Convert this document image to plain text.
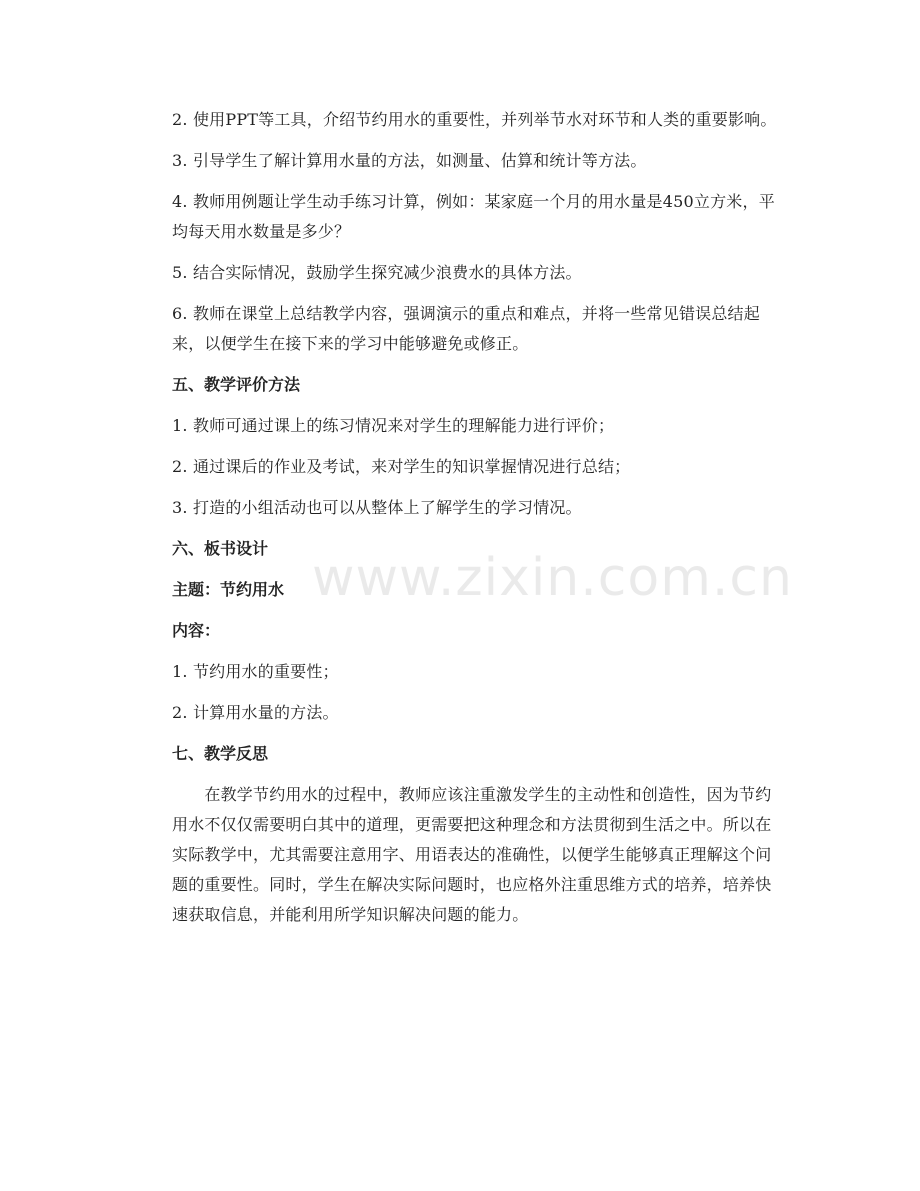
2. 使用PPT等工具，介绍节约用水的重要性，并列举节水对环节和人类的重要影响。

3. 引导学生了解计算用水量的方法，如测量、估算和统计等方法。

4. 教师用例题让学生动手练习计算，例如：某家庭一个月的用水量是450立方米，平均每天用水数量是多少？

5. 结合实际情况，鼓励学生探究减少浪费水的具体方法。

6. 教师在课堂上总结教学内容，强调演示的重点和难点，并将一些常见错误总结起来，以便学生在接下来的学习中能够避免或修正。

五、教学评价方法

1. 教师可通过课上的练习情况来对学生的理解能力进行评价；

2. 通过课后的作业及考试，来对学生的知识掌握情况进行总结；

3. 打造的小组活动也可以从整体上了解学生的学习情况。

六、板书设计

主题：节约用水

内容：

1. 节约用水的重要性；

2. 计算用水量的方法。

七、教学反思

　　在教学节约用水的过程中，教师应该注重激发学生的主动性和创造性，因为节约用水不仅仅需要明白其中的道理，更需要把这种理念和方法贯彻到生活之中。所以在实际教学中，尤其需要注意用字、用语表达的准确性，以便学生能够真正理解这个问题的重要性。同时，学生在解决实际问题时，也应格外注重思维方式的培养，培养快速获取信息，并能利用所学知识解决问题的能力。

www.zixin.com.cn
